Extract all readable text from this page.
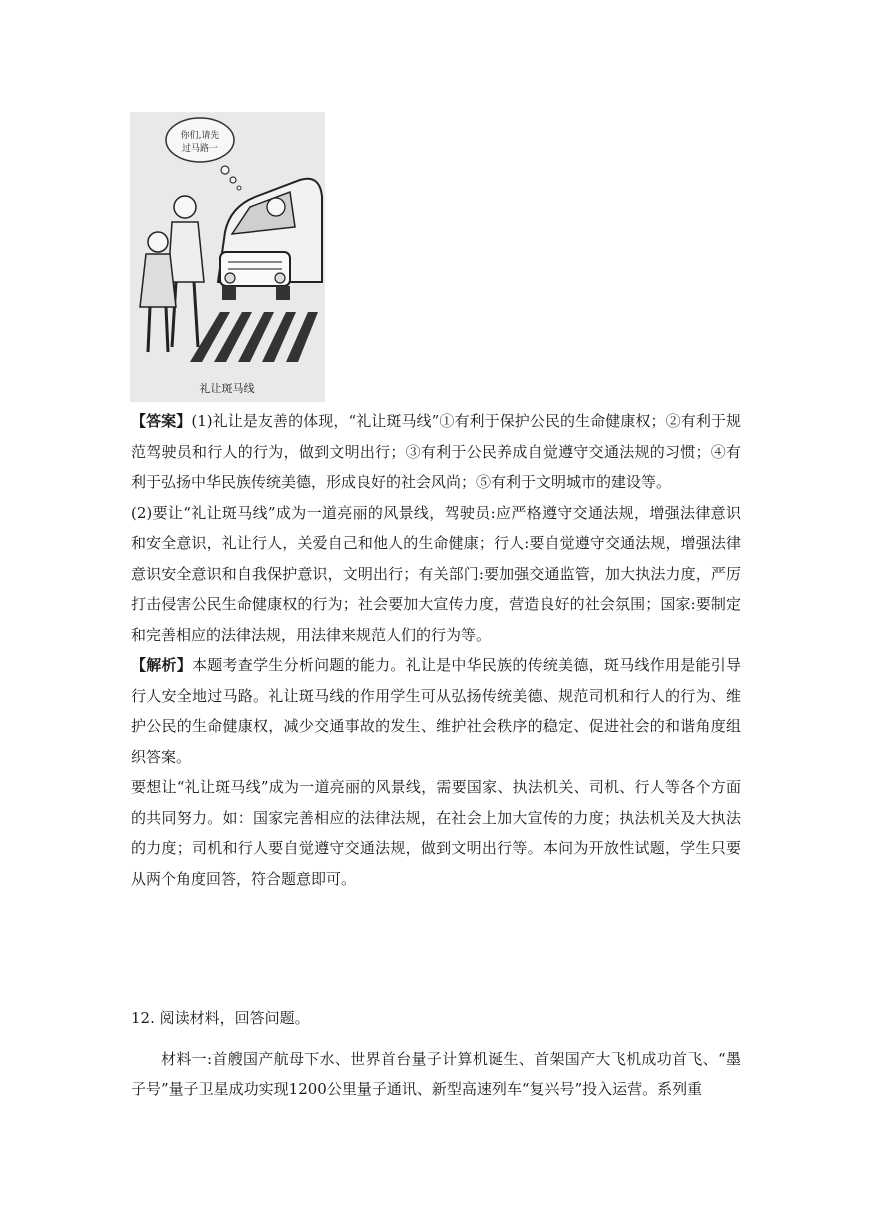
你们,请先
过马路一
礼让斑马线

【答案】(1)礼让是友善的体现，“礼让斑马线”①有利于保护公民的生命健康权；②有利于规范驾驶员和行人的行为，做到文明出行；③有利于公民养成自觉遵守交通法规的习惯；④有利于弘扬中华民族传统美德，形成良好的社会风尚；⑤有利于文明城市的建设等。

(2)要让“礼让斑马线”成为一道亮丽的风景线，驾驶员:应严格遵守交通法规，增强法律意识和安全意识，礼让行人，关爱自己和他人的生命健康；行人:要自觉遵守交通法规，增强法律意识安全意识和自我保护意识，文明出行；有关部门:要加强交通监管，加大执法力度，严厉打击侵害公民生命健康权的行为；社会要加大宣传力度，营造良好的社会氛围；国家:要制定和完善相应的法律法规，用法律来规范人们的行为等。

【解析】本题考查学生分析问题的能力。礼让是中华民族的传统美德，斑马线作用是能引导行人安全地过马路。礼让斑马线的作用学生可从弘扬传统美德、规范司机和行人的行为、维护公民的生命健康权，减少交通事故的发生、维护社会秩序的稳定、促进社会的和谐角度组织答案。

要想让“礼让斑马线”成为一道亮丽的风景线，需要国家、执法机关、司机、行人等各个方面的共同努力。如：国家完善相应的法律法规，在社会上加大宣传的力度；执法机关及大执法的力度；司机和行人要自觉遵守交通法规，做到文明出行等。本问为开放性试题，学生只要从两个角度回答，符合题意即可。

12. 阅读材料，回答问题。

材料一:首艘国产航母下水、世界首台量子计算机诞生、首架国产大飞机成功首飞、“墨子号”量子卫星成功实现1200公里量子通讯、新型高速列车“复兴号”投入运营。系列重
